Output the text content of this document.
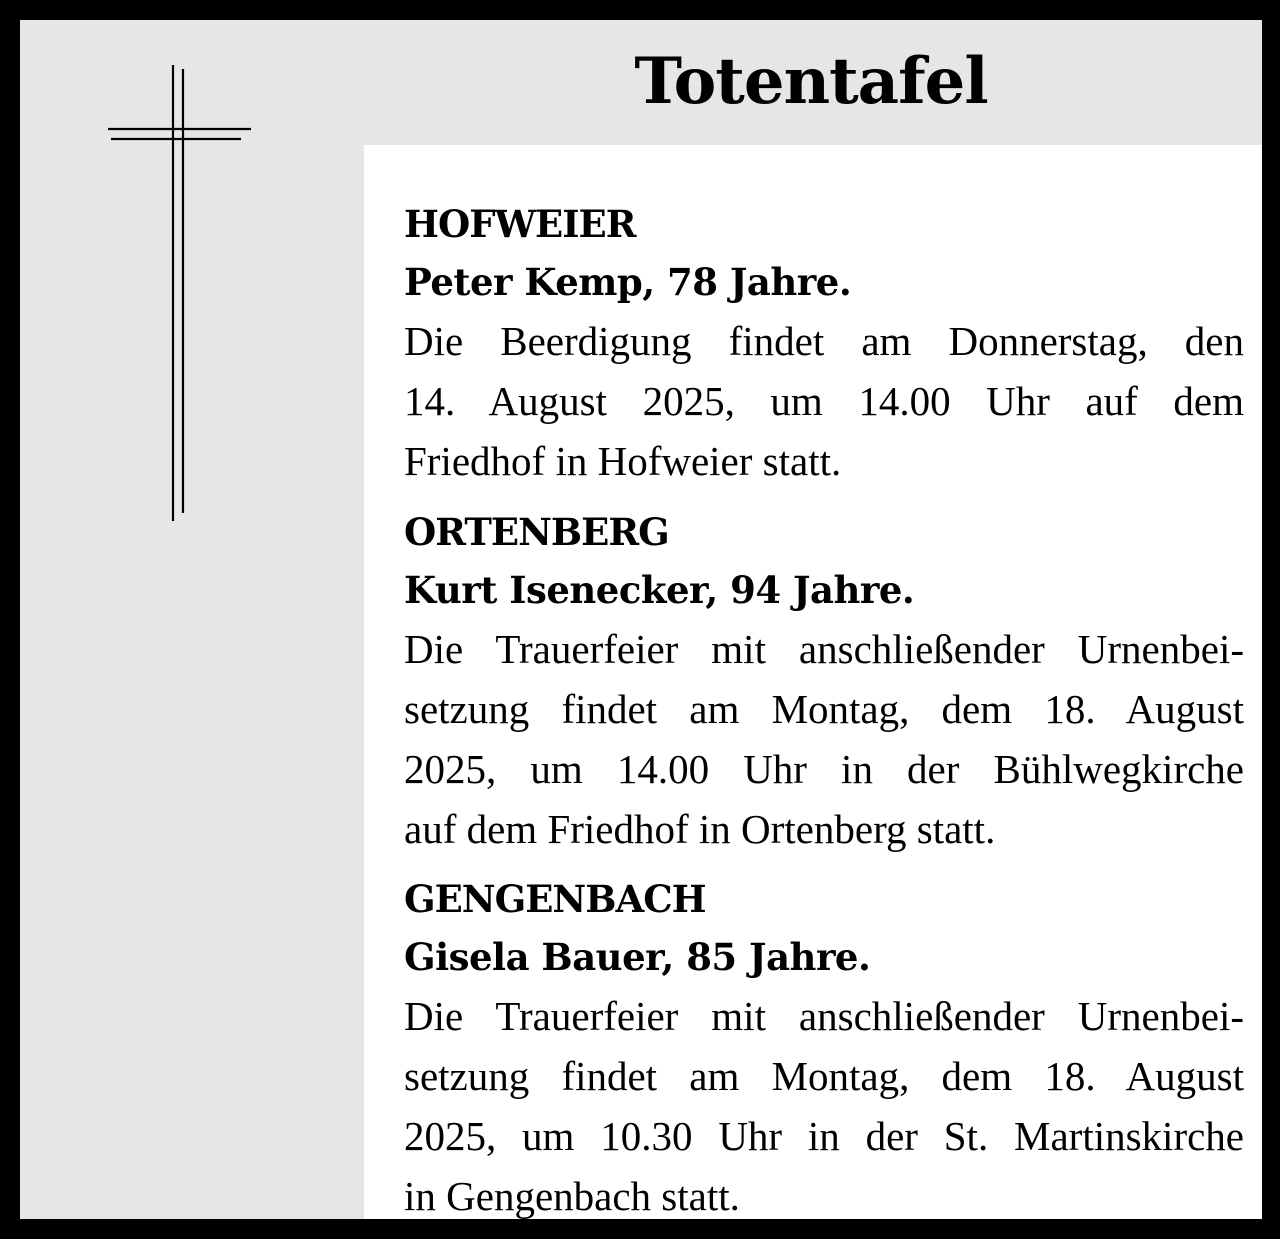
Totentafel
HOFWEIER
Peter Kemp, 78 Jahre.
Die Beerdigung findet am Donnerstag, den
14. August 2025, um 14.00 Uhr auf dem
Friedhof in Hofweier statt.
ORTENBERG
Kurt Isenecker, 94 Jahre.
Die Trauerfeier mit anschließender Urnenbei-
setzung findet am Montag, dem 18. August
2025, um 14.00 Uhr in der Bühlwegkirche
auf dem Friedhof in Ortenberg statt.
GENGENBACH
Gisela Bauer, 85 Jahre.
Die Trauerfeier mit anschließender Urnenbei-
setzung findet am Montag, dem 18. August
2025, um 10.30 Uhr in der St. Martinskirche
in Gengenbach statt.
